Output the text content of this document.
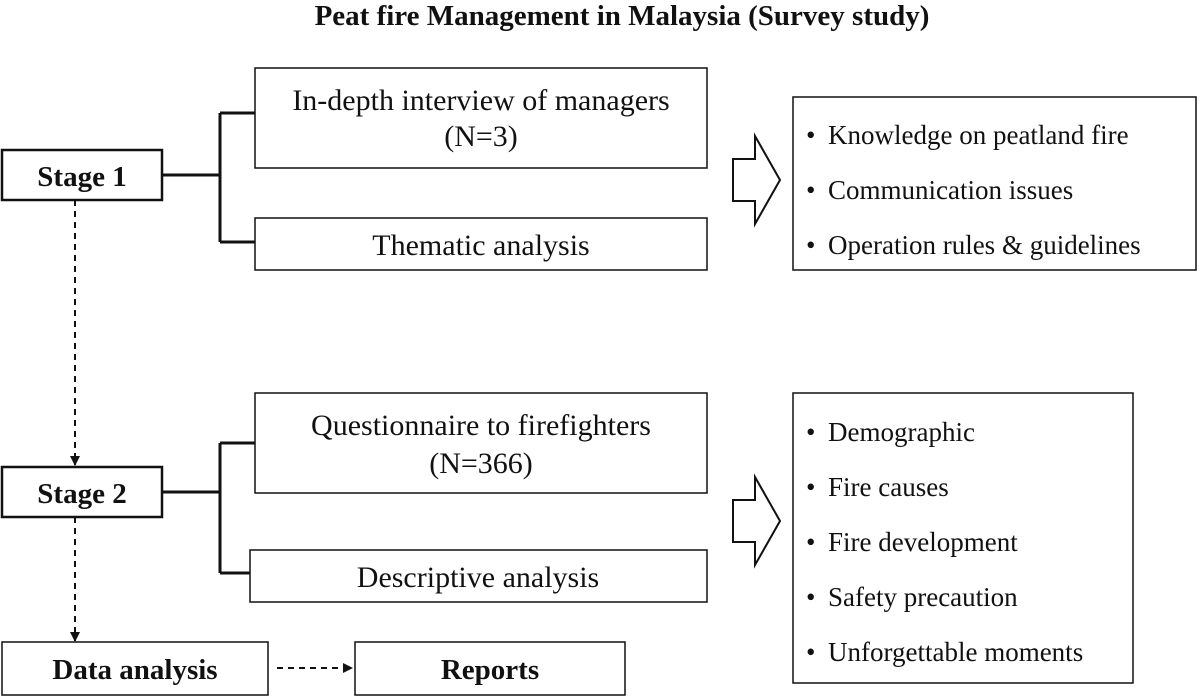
Peat fire Management in Malaysia (Survey study)
Stage 1
In-depth interview of managers
(N=3)
Thematic analysis
• Knowledge on peatland fire
• Communication issues
• Operation rules & guidelines
Stage 2
Questionnaire to firefighters
(N=366)
Descriptive analysis
• Demographic
• Fire causes
• Fire development
• Safety precaution
• Unforgettable moments
Data analysis	Reports
